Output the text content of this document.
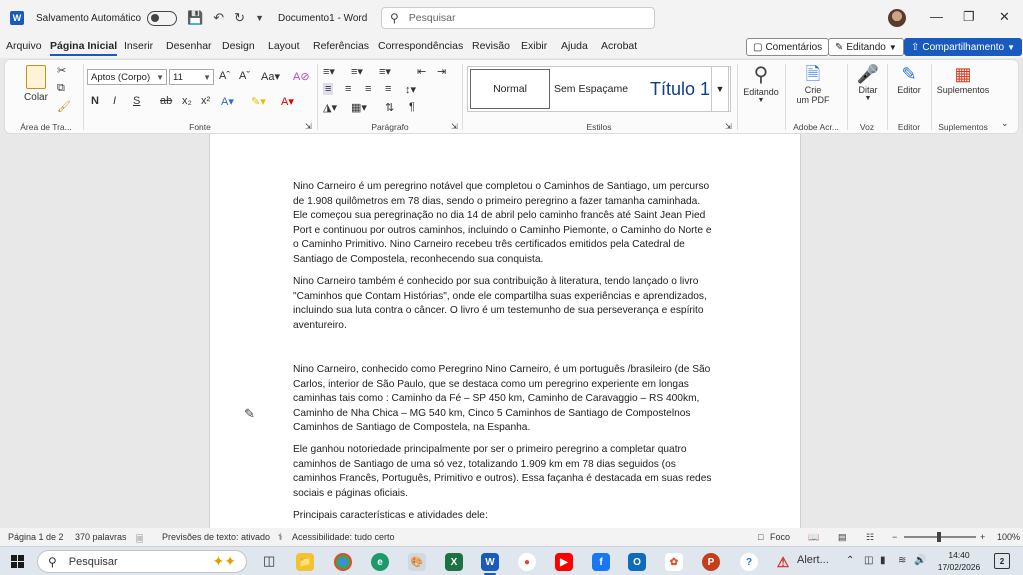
W Salvamento Automático	💾 ↶ ↻ ▼ Documento1 - Word ⚲ Pesquisar	— ❐ ✕
Arquivo Página Inicial Inserir Desenhar Design Layout Referências Correspondências Revisão Exibir Ajuda Acrobat	▢ Comentários ✎ Editando ▼ ⇧ Compartilhamento ▼
Colar
✂
⧉
🖌
Área de Tra...
Aptos (Corpo) ▼ 11	▼ Aˆ Aˇ Aa▾ A⊘
N I S ab x₂ x² A▾ ✎▾ A▾
Fonte	⇲
≡▾ ≡▾ ≡▾ ⇤ ⇥
≡ ≡ ≡ ≡ ↕▾
◮▾ ▦▾ ⇅ ¶
Parágrafo	⇲
Normal	Sem Espaçame	Título 1 ▼
Estilos	⇲
⚲
Editando
▼
🗎
Crie
um PDF
Adobe Acr...
🎤
Ditar
▼
Voz
✎
Editor
Editor
▦
Suplementos
Suplementos	⌄

Nino Carneiro é um peregrino notável que completou o Caminhos de Santiago, um percurso de 1.908 quilômetros em 78 dias, sendo o primeiro peregrino a fazer tamanha caminhada. Ele começou sua peregrinação no dia 14 de abril pelo caminho francês até Saint Jean Pied Port e continuou por outros caminhos, incluindo o Caminho Piemonte, o Caminho do Norte e o Caminho Primitivo. Nino Carneiro recebeu três certificados emitidos pela Catedral de Santiago de Compostela, reconhecendo sua conquista.

Nino Carneiro também é conhecido por sua contribuição à literatura, tendo lançado o livro "Caminhos que Contam Histórias", onde ele compartilha suas experiências e aprendizados, incluindo sua luta contra o câncer. O livro é um testemunho de sua perseverança e espírito aventureiro.

Nino Carneiro, conhecido como Peregrino Nino Carneiro, é um português /brasileiro (de São Carlos, interior de São Paulo, que se destaca como um peregrino experiente em longas caminhas tais como : Caminho da Fé – SP 450 km, Caminho de Caravaggio – RS 400km, Caminho de Nha Chica – MG 540 km, Cinco 5 Caminhos de Santiago de Compostelnos Caminhos de Santiago de Compostela, na Espanha.

Ele ganhou notoriedade principalmente por ser o primeiro peregrino a completar quatro caminhos de Santiago de uma só vez, totalizando 1.909 km em 78 dias seguidos (os caminhos Francês, Português, Primitivo e outros). Essa façanha é destacada em suas redes sociais e páginas oficiais.

Principais características e atividades dele:

✎
Página 1 de 2 370 palavras 🗏 Previsões de texto: ativado ⚕ Acessibilidade: tudo certo	□ Foco 📖 ▤ ☷ −	+ 100%
⚲ Pesquisar	✦✦ ◫ 📁	e	🎨	X	W	●	▶	f	O	✿	P	?	⚠ Alert... ⌃ ◫ ▮ ≋ 🔊	14:40
17/02/2026
2
